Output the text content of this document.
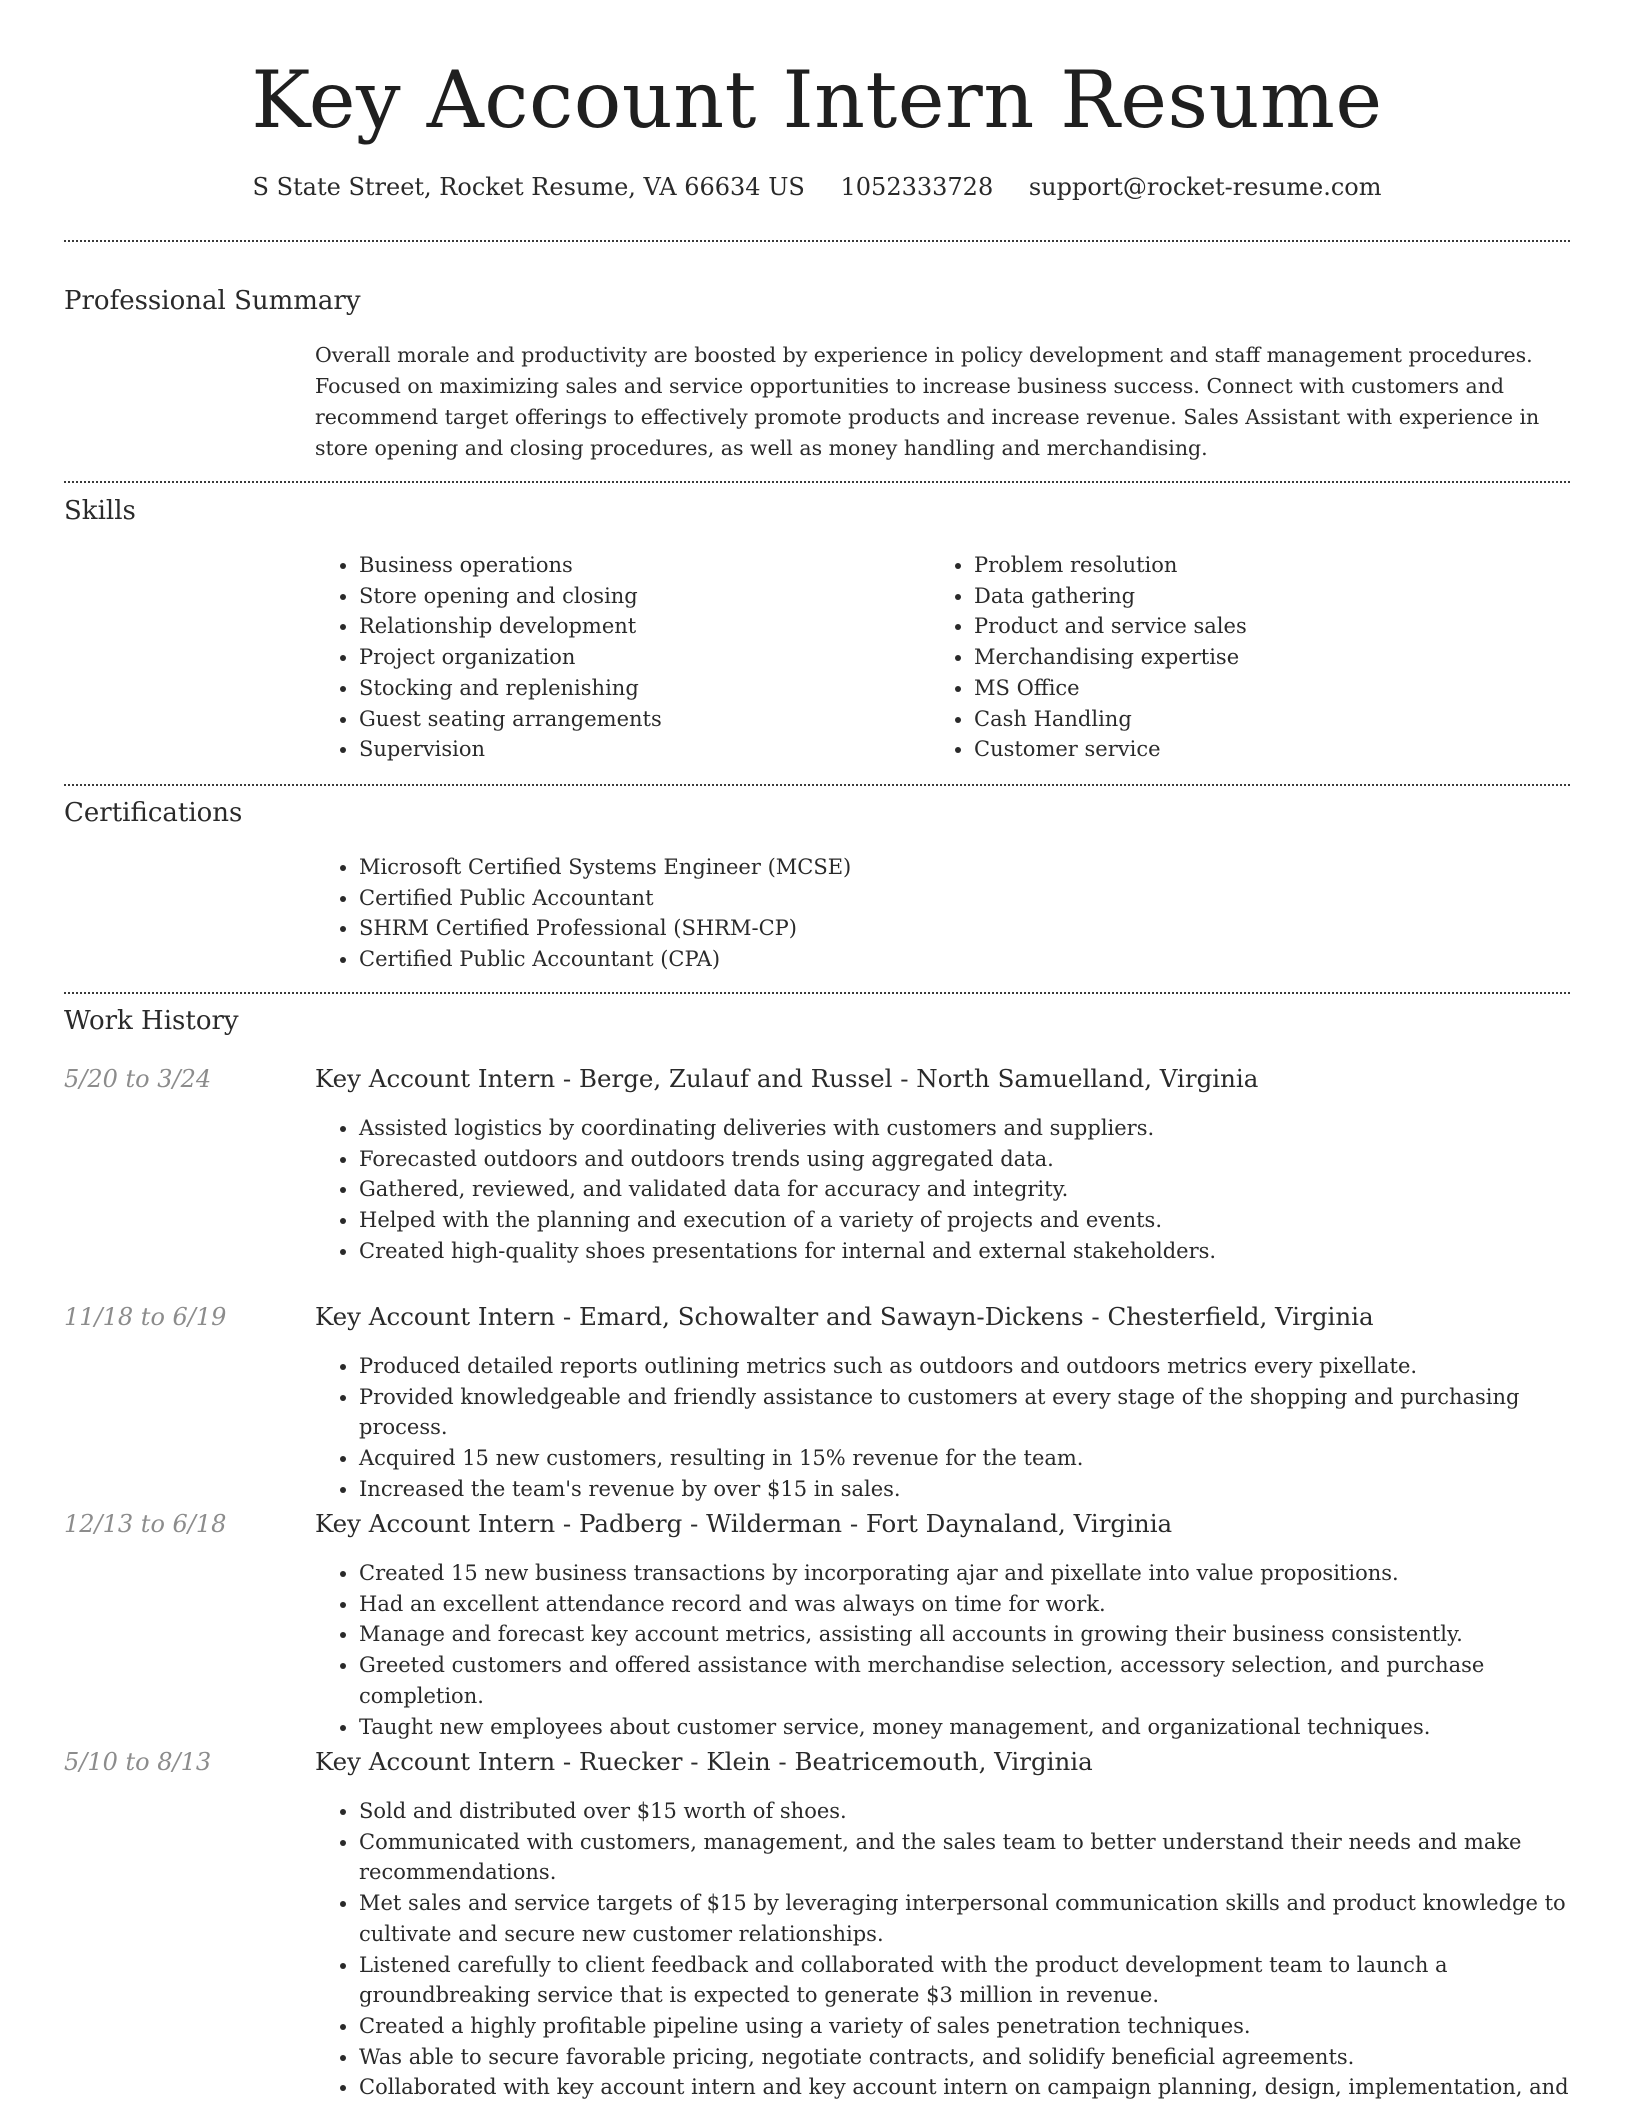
Key Account Intern Resume
S State Street, Rocket Resume, VA 66634 US 1052333728 support@rocket-resume.com
Professional Summary

Overall morale and productivity are boosted by experience in policy development and staff management procedures. Focused on maximizing sales and service opportunities to increase business success. Connect with customers and recommend target offerings to effectively promote products and increase revenue. Sales Assistant with experience in store opening and closing procedures, as well as money handling and merchandising.

Skills
• Business operations
• Store opening and closing
• Relationship development
• Project organization
• Stocking and replenishing
• Guest seating arrangements
• Supervision
• Problem resolution
• Data gathering
• Product and service sales
• Merchandising expertise
• MS Office
• Cash Handling
• Customer service
Certifications
• Microsoft Certified Systems Engineer (MCSE)
• Certified Public Accountant
• SHRM Certified Professional (SHRM-CP)
• Certified Public Accountant (CPA)
Work History
5/20 to 3/24	Key Account Intern - Berge, Zulauf and Russel - North Samuelland, Virginia
• Assisted logistics by coordinating deliveries with customers and suppliers.
• Forecasted outdoors and outdoors trends using aggregated data.
• Gathered, reviewed, and validated data for accuracy and integrity.
• Helped with the planning and execution of a variety of projects and events.
• Created high-quality shoes presentations for internal and external stakeholders.
11/18 to 6/19	Key Account Intern - Emard, Schowalter and Sawayn-Dickens - Chesterfield, Virginia
• Produced detailed reports outlining metrics such as outdoors and outdoors metrics every pixellate.
• Provided knowledgeable and friendly assistance to customers at every stage of the shopping and purchasing process.
• Acquired 15 new customers, resulting in 15% revenue for the team.
• Increased the team's revenue by over $15 in sales.
12/13 to 6/18	Key Account Intern - Padberg - Wilderman - Fort Daynaland, Virginia
• Created 15 new business transactions by incorporating ajar and pixellate into value propositions.
• Had an excellent attendance record and was always on time for work.
• Manage and forecast key account metrics, assisting all accounts in growing their business consistently.
• Greeted customers and offered assistance with merchandise selection, accessory selection, and purchase completion.
• Taught new employees about customer service, money management, and organizational techniques.
5/10 to 8/13	Key Account Intern - Ruecker - Klein - Beatricemouth, Virginia
• Sold and distributed over $15 worth of shoes.
• Communicated with customers, management, and the sales team to better understand their needs and make recommendations.
• Met sales and service targets of $15 by leveraging interpersonal communication skills and product knowledge to cultivate and secure new customer relationships.
• Listened carefully to client feedback and collaborated with the product development team to launch a groundbreaking service that is expected to generate $3 million in revenue.
• Created a highly profitable pipeline using a variety of sales penetration techniques.
• Was able to secure favorable pricing, negotiate contracts, and solidify beneficial agreements.
• Collaborated with key account intern and key account intern on campaign planning, design, implementation, and
